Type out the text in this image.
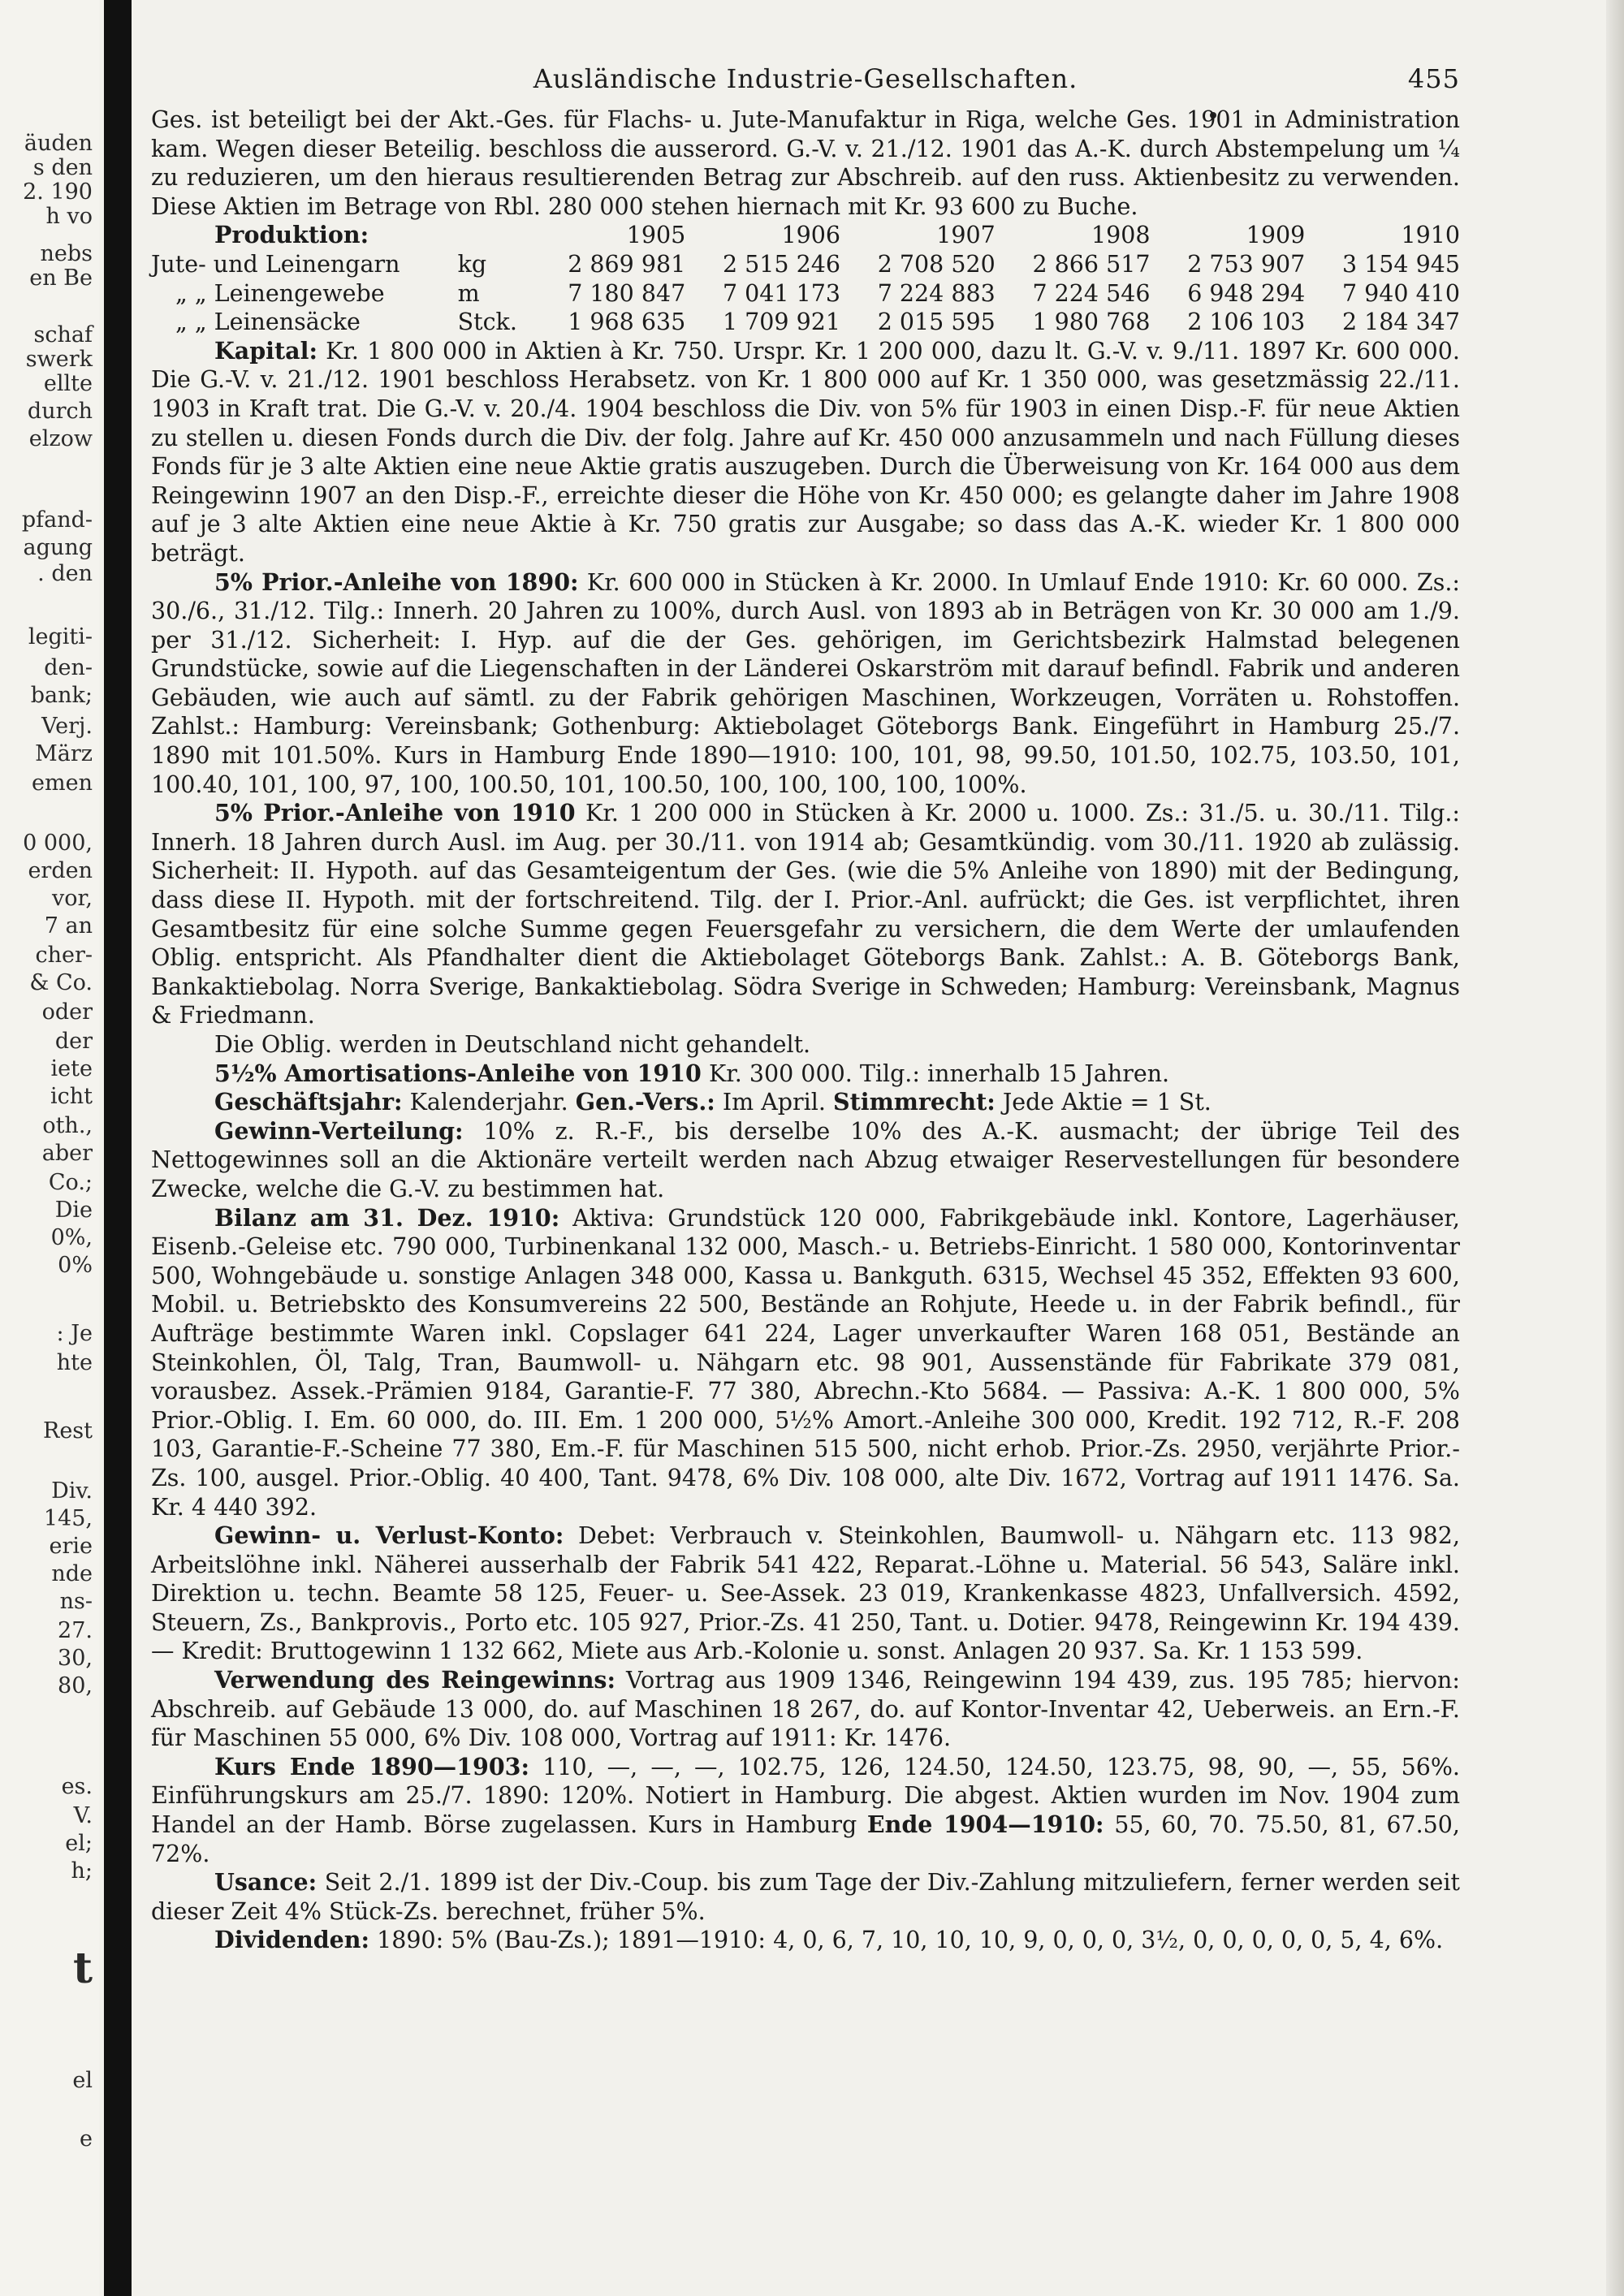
äuden
s den
2. 190
h vo
nebs
en Be
schaf
swerk
ellte
durch
elzow
pfand-
agung
. den
legiti-
den-
bank;
Verj.
März
emen
0 000,
erden
vor,
7 an
cher-
& Co.
oder
der
iete
icht
oth.,
aber
Co.;
Die
0%,
0%
: Je
hte
Rest
Div.
145,
erie
nde
ns-
27.
30,
80,
es.
V.
el;
h;
t
el
e
Ausländische Industrie-Gesellschaften.	455

Ges. ist beteiligt bei der Akt.-Ges. für Flachs- u. Jute-Manufaktur in Riga, welche Ges. 1901 in Administration kam. Wegen dieser Beteilig. beschloss die ausserord. G.-V. v. 21./12. 1901 das A.-K. durch Abstempelung um ¼ zu reduzieren, um den hieraus resultierenden Betrag zur Abschreib. auf den russ. Aktienbesitz zu verwenden. Diese Aktien im Betrage von Rbl. 280 000 stehen hiernach mit Kr. 93 600 zu Buche.

Produktion:		1905	1906	1907	1908	1909	1910
Jute- und Leinengarn	kg	2 869 981	2 515 246	2 708 520	2 866 517	2 753 907	3 154 945
„ „ Leinengewebe	m	7 180 847	7 041 173	7 224 883	7 224 546	6 948 294	7 940 410
„ „ Leinensäcke	Stck.	1 968 635	1 709 921	2 015 595	1 980 768	2 106 103	2 184 347

Kapital: Kr. 1 800 000 in Aktien à Kr. 750. Urspr. Kr. 1 200 000, dazu lt. G.-V. v. 9./11. 1897 Kr. 600 000. Die G.-V. v. 21./12. 1901 beschloss Herabsetz. von Kr. 1 800 000 auf Kr. 1 350 000, was gesetzmässig 22./11. 1903 in Kraft trat. Die G.-V. v. 20./4. 1904 beschloss die Div. von 5% für 1903 in einen Disp.-F. für neue Aktien zu stellen u. diesen Fonds durch die Div. der folg. Jahre auf Kr. 450 000 anzusammeln und nach Füllung dieses Fonds für je 3 alte Aktien eine neue Aktie gratis auszugeben. Durch die Überweisung von Kr. 164 000 aus dem Reingewinn 1907 an den Disp.-F., erreichte dieser die Höhe von Kr. 450 000; es gelangte daher im Jahre 1908 auf je 3 alte Aktien eine neue Aktie à Kr. 750 gratis zur Ausgabe; so dass das A.-K. wieder Kr. 1 800 000 beträgt.

5% Prior.-Anleihe von 1890: Kr. 600 000 in Stücken à Kr. 2000. In Umlauf Ende 1910: Kr. 60 000. Zs.: 30./6., 31./12. Tilg.: Innerh. 20 Jahren zu 100%, durch Ausl. von 1893 ab in Beträgen von Kr. 30 000 am 1./9. per 31./12. Sicherheit: I. Hyp. auf die der Ges. gehörigen, im Gerichtsbezirk Halmstad belegenen Grundstücke, sowie auf die Liegenschaften in der Länderei Oskarström mit darauf befindl. Fabrik und anderen Gebäuden, wie auch auf sämtl. zu der Fabrik gehörigen Maschinen, Workzeugen, Vorräten u. Rohstoffen. Zahlst.: Hamburg: Vereinsbank; Gothenburg: Aktiebolaget Göteborgs Bank. Eingeführt in Hamburg 25./7. 1890 mit 101.50%. Kurs in Hamburg Ende 1890—1910: 100, 101, 98, 99.50, 101.50, 102.75, 103.50, 101, 100.40, 101, 100, 97, 100, 100.50, 101, 100.50, 100, 100, 100, 100, 100%.

5% Prior.-Anleihe von 1910 Kr. 1 200 000 in Stücken à Kr. 2000 u. 1000. Zs.: 31./5. u. 30./11. Tilg.: Innerh. 18 Jahren durch Ausl. im Aug. per 30./11. von 1914 ab; Gesamtkündig. vom 30./11. 1920 ab zulässig. Sicherheit: II. Hypoth. auf das Gesamteigentum der Ges. (wie die 5% Anleihe von 1890) mit der Bedingung, dass diese II. Hypoth. mit der fortschreitend. Tilg. der I. Prior.-Anl. aufrückt; die Ges. ist verpflichtet, ihren Gesamtbesitz für eine solche Summe gegen Feuersgefahr zu versichern, die dem Werte der umlaufenden Oblig. entspricht. Als Pfandhalter dient die Aktiebolaget Göteborgs Bank. Zahlst.: A. B. Göteborgs Bank, Bankaktiebolag. Norra Sverige, Bankaktiebolag. Södra Sverige in Schweden; Hamburg: Vereinsbank, Magnus & Friedmann.

Die Oblig. werden in Deutschland nicht gehandelt.

5½% Amortisations-Anleihe von 1910 Kr. 300 000. Tilg.: innerhalb 15 Jahren.

Geschäftsjahr: Kalenderjahr. Gen.-Vers.: Im April. Stimmrecht: Jede Aktie = 1 St.

Gewinn-Verteilung: 10% z. R.-F., bis derselbe 10% des A.-K. ausmacht; der übrige Teil des Nettogewinnes soll an die Aktionäre verteilt werden nach Abzug etwaiger Reservestellungen für besondere Zwecke, welche die G.-V. zu bestimmen hat.

Bilanz am 31. Dez. 1910: Aktiva: Grundstück 120 000, Fabrikgebäude inkl. Kontore, Lagerhäuser, Eisenb.-Geleise etc. 790 000, Turbinenkanal 132 000, Masch.- u. Betriebs-Einricht. 1 580 000, Kontorinventar 500, Wohngebäude u. sonstige Anlagen 348 000, Kassa u. Bankguth. 6315, Wechsel 45 352, Effekten 93 600, Mobil. u. Betriebskto des Konsumvereins 22 500, Bestände an Rohjute, Heede u. in der Fabrik befindl., für Aufträge bestimmte Waren inkl. Copslager 641 224, Lager unverkaufter Waren 168 051, Bestände an Steinkohlen, Öl, Talg, Tran, Baumwoll- u. Nähgarn etc. 98 901, Aussenstände für Fabrikate 379 081, vorausbez. Assek.-Prämien 9184, Garantie-F. 77 380, Abrechn.-Kto 5684. — Passiva: A.-K. 1 800 000, 5% Prior.-Oblig. I. Em. 60 000, do. III. Em. 1 200 000, 5½% Amort.-Anleihe 300 000, Kredit. 192 712, R.-F. 208 103, Garantie-F.-Scheine 77 380, Em.-F. für Maschinen 515 500, nicht erhob. Prior.-Zs. 2950, verjährte Prior.-Zs. 100, ausgel. Prior.-Oblig. 40 400, Tant. 9478, 6% Div. 108 000, alte Div. 1672, Vortrag auf 1911 1476. Sa. Kr. 4 440 392.

Gewinn- u. Verlust-Konto: Debet: Verbrauch v. Steinkohlen, Baumwoll- u. Nähgarn etc. 113 982, Arbeitslöhne inkl. Näherei ausserhalb der Fabrik 541 422, Reparat.-Löhne u. Material. 56 543, Saläre inkl. Direktion u. techn. Beamte 58 125, Feuer- u. See-Assek. 23 019, Krankenkasse 4823, Unfallversich. 4592, Steuern, Zs., Bankprovis., Porto etc. 105 927, Prior.-Zs. 41 250, Tant. u. Dotier. 9478, Reingewinn Kr. 194 439. — Kredit: Bruttogewinn 1 132 662, Miete aus Arb.-Kolonie u. sonst. Anlagen 20 937. Sa. Kr. 1 153 599.

Verwendung des Reingewinns: Vortrag aus 1909 1346, Reingewinn 194 439, zus. 195 785; hiervon: Abschreib. auf Gebäude 13 000, do. auf Maschinen 18 267, do. auf Kontor-Inventar 42, Ueberweis. an Ern.-F. für Maschinen 55 000, 6% Div. 108 000, Vortrag auf 1911: Kr. 1476.

Kurs Ende 1890—1903: 110, —, —, —, 102.75, 126, 124.50, 124.50, 123.75, 98, 90, —, 55, 56%. Einführungskurs am 25./7. 1890: 120%. Notiert in Hamburg. Die abgest. Aktien wurden im Nov. 1904 zum Handel an der Hamb. Börse zugelassen. Kurs in Hamburg Ende 1904—1910: 55, 60, 70. 75.50, 81, 67.50, 72%.

Usance: Seit 2./1. 1899 ist der Div.-Coup. bis zum Tage der Div.-Zahlung mitzuliefern, ferner werden seit dieser Zeit 4% Stück-Zs. berechnet, früher 5%.

Dividenden: 1890: 5% (Bau-Zs.); 1891—1910: 4, 0, 6, 7, 10, 10, 10, 9, 0, 0, 0, 3½, 0, 0, 0, 0, 0, 5, 4, 6%.
